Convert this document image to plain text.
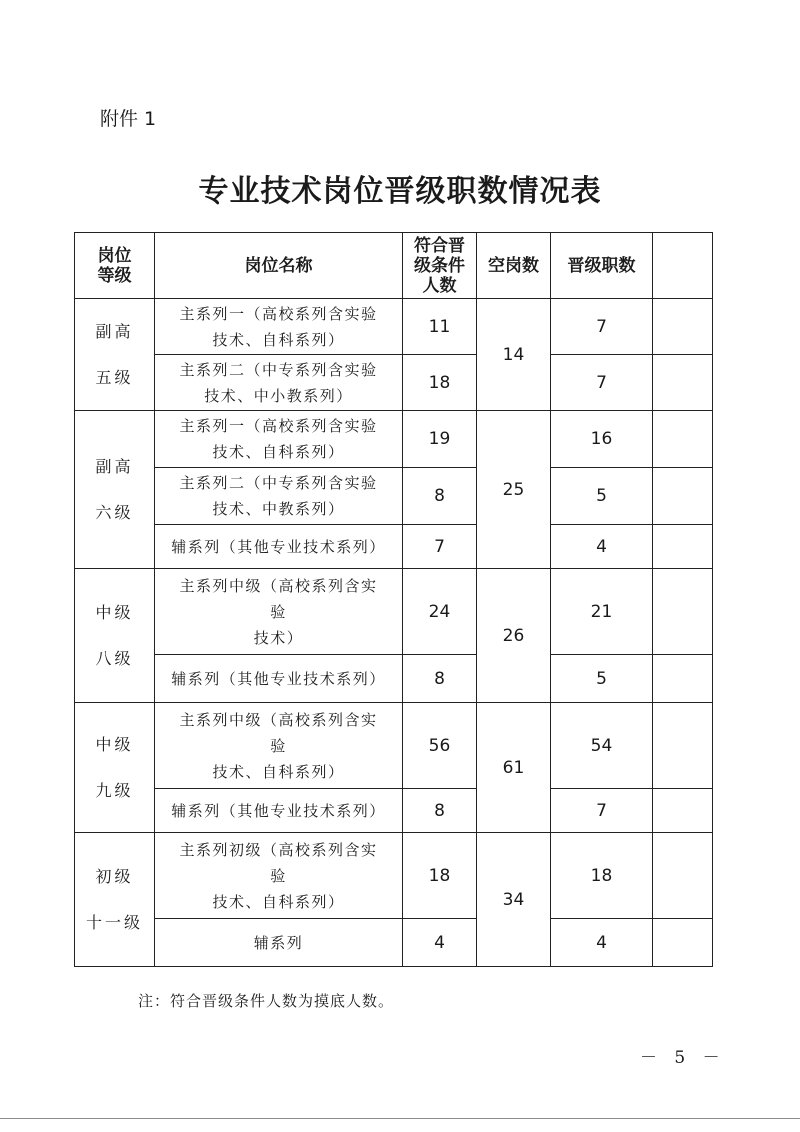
附件 1

专业技术岗位晋级职数情况表
岗位
等级	岗位名称	符合晋
级条件
人数	空岗数	晋级职数	
副高
五级	主系列一（高校系列含实验
技术、自科系列）	11	14	7	
	主系列二（中专系列含实验
技术、中小教系列）	18		7	
副高
六级	主系列一（高校系列含实验
技术、自科系列）	19	25	16	
	主系列二（中专系列含实验
技术、中教系列）	8		5	
	辅系列（其他专业技术系列）	7		4	
中级
八级	主系列中级（高校系列含实
验
技术）	24	26	21	
	辅系列（其他专业技术系列）	8		5	
中级
九级	主系列中级（高校系列含实
验
技术、自科系列）	56	61	54	
	辅系列（其他专业技术系列）	8		7	
初级
十一级	主系列初级（高校系列含实
验
技术、自科系列）	18	34	18	
	辅系列	4		4	

注：符合晋级条件人数为摸底人数。

－ 5 －
